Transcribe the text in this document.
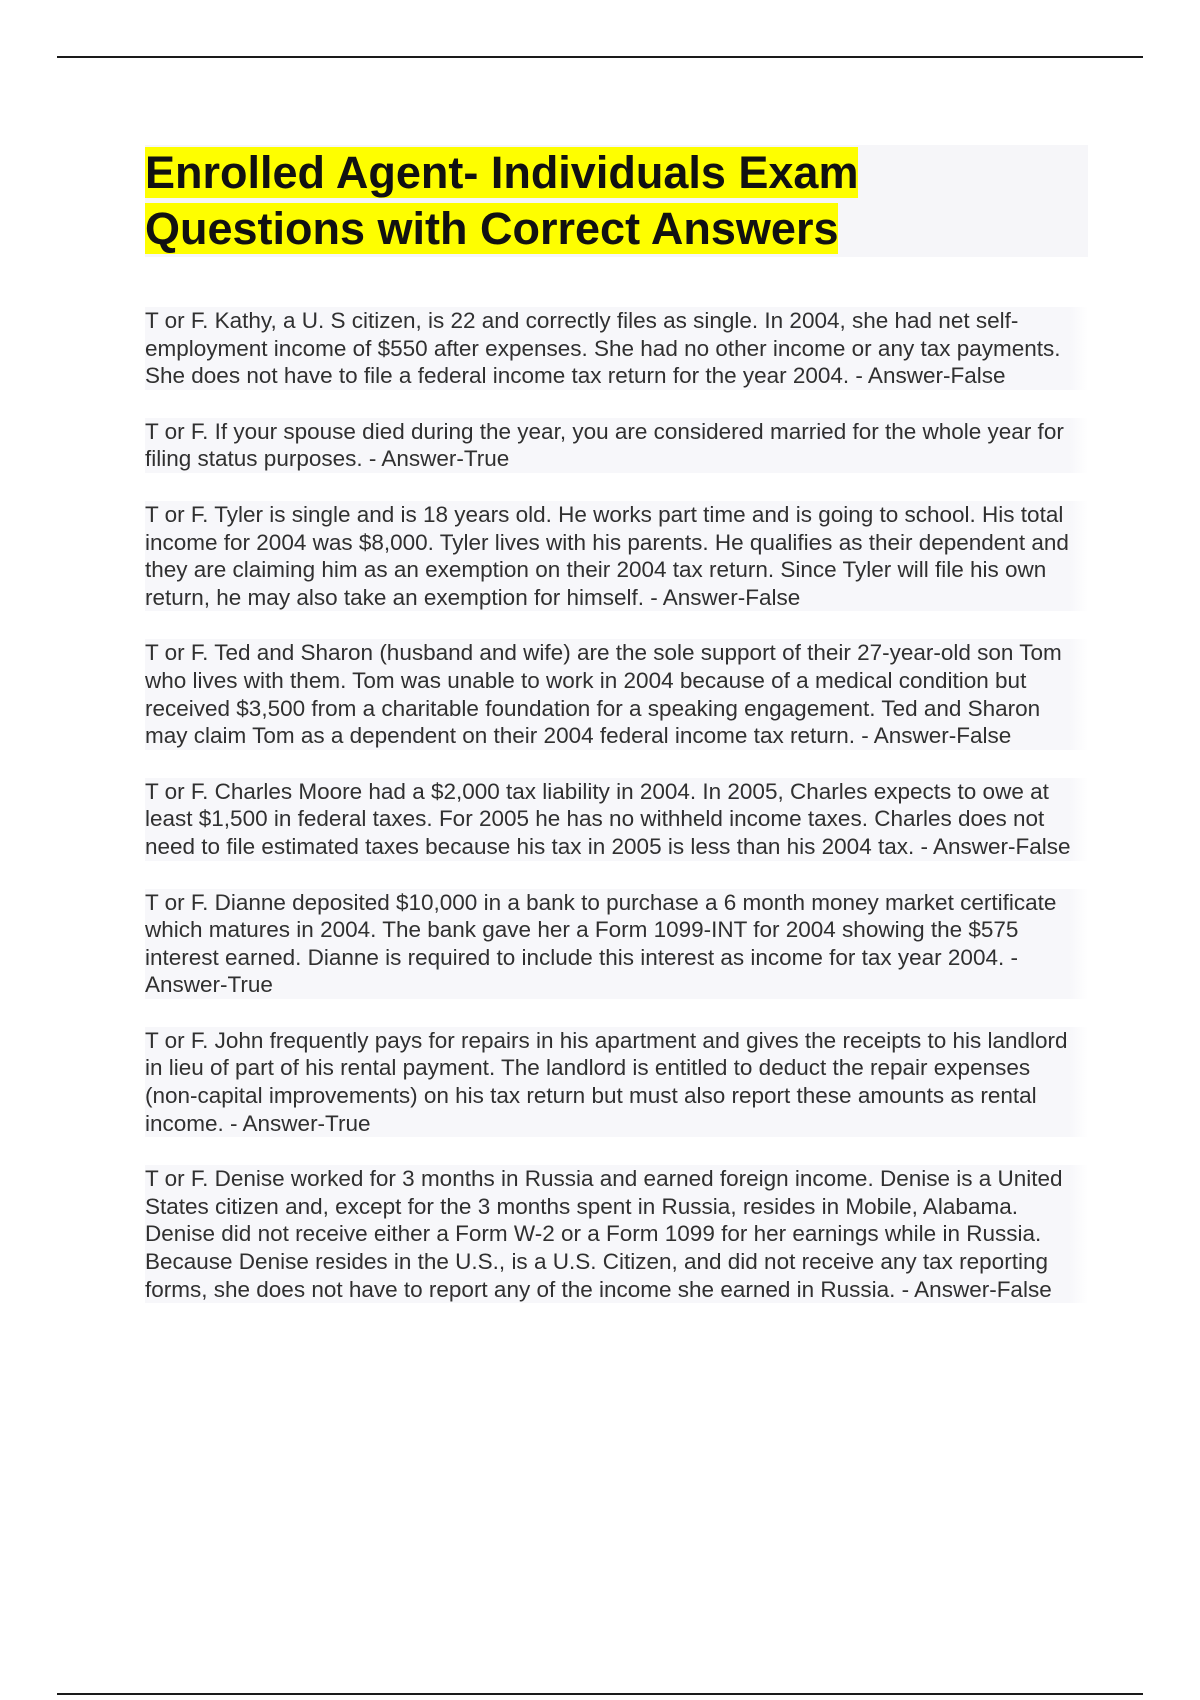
Enrolled Agent- Individuals Exam Questions with Correct Answers
T or F. Kathy, a U. S citizen, is 22 and correctly files as single. In 2004, she had net self-employment income of $550 after expenses. She had no other income or any tax payments. She does not have to file a federal income tax return for the year 2004. - Answer-False
T or F. If your spouse died during the year, you are considered married for the whole year for filing status purposes. - Answer-True
T or F. Tyler is single and is 18 years old. He works part time and is going to school. His total income for 2004 was $8,000. Tyler lives with his parents. He qualifies as their dependent and they are claiming him as an exemption on their 2004 tax return. Since Tyler will file his own return, he may also take an exemption for himself. - Answer-False
T or F. Ted and Sharon (husband and wife) are the sole support of their 27-year-old son Tom who lives with them. Tom was unable to work in 2004 because of a medical condition but received $3,500 from a charitable foundation for a speaking engagement. Ted and Sharon may claim Tom as a dependent on their 2004 federal income tax return. - Answer-False
T or F. Charles Moore had a $2,000 tax liability in 2004. In 2005, Charles expects to owe at least $1,500 in federal taxes. For 2005 he has no withheld income taxes. Charles does not need to file estimated taxes because his tax in 2005 is less than his 2004 tax. - Answer-False
T or F. Dianne deposited $10,000 in a bank to purchase a 6 month money market certificate which matures in 2004. The bank gave her a Form 1099-INT for 2004 showing the $575 interest earned. Dianne is required to include this interest as income for tax year 2004. - Answer-True
T or F. John frequently pays for repairs in his apartment and gives the receipts to his landlord in lieu of part of his rental payment. The landlord is entitled to deduct the repair expenses (non-capital improvements) on his tax return but must also report these amounts as rental income. - Answer-True
T or F. Denise worked for 3 months in Russia and earned foreign income. Denise is a United States citizen and, except for the 3 months spent in Russia, resides in Mobile, Alabama. Denise did not receive either a Form W-2 or a Form 1099 for her earnings while in Russia. Because Denise resides in the U.S., is a U.S. Citizen, and did not receive any tax reporting forms, she does not have to report any of the income she earned in Russia. - Answer-False
